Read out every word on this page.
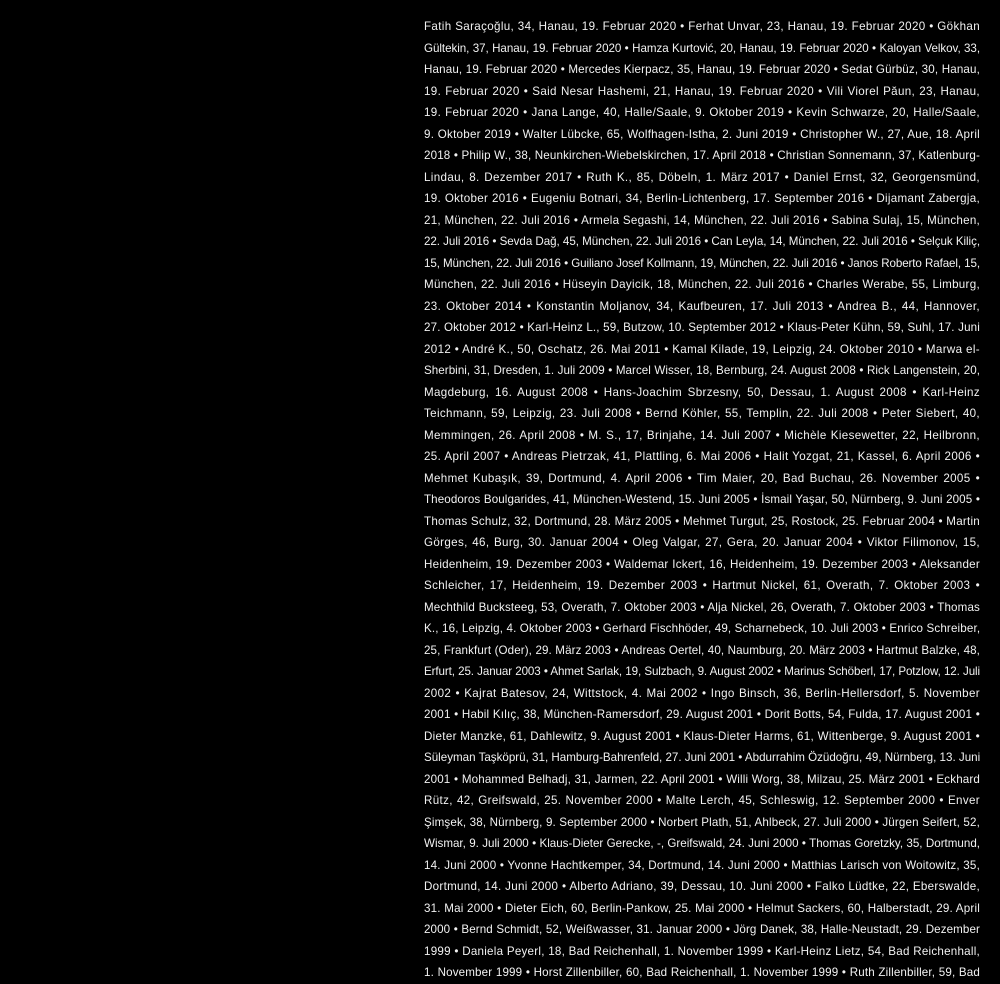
Fatih Saraçoğlu, 34, Hanau, 19. Februar 2020 • Ferhat Unvar, 23, Hanau, 19. Februar 2020 • Gökhan
Gültekin, 37, Hanau, 19. Februar 2020 • Hamza Kurtović, 20, Hanau, 19. Februar 2020 • Kaloyan Velkov, 33,
Hanau, 19. Februar 2020 • Mercedes Kierpacz, 35, Hanau, 19. Februar 2020 • Sedat Gürbüz, 30, Hanau,
19. Februar 2020 • Said Nesar Hashemi, 21, Hanau, 19. Februar 2020 • Vili Viorel Păun, 23, Hanau,
19. Februar 2020 • Jana Lange, 40, Halle/Saale, 9. Oktober 2019 • Kevin Schwarze, 20, Halle/Saale,
9. Oktober 2019 • Walter Lübcke, 65, Wolfhagen-Istha, 2. Juni 2019 • Christopher W., 27, Aue, 18. April
2018 • Philip W., 38, Neunkirchen-Wiebelskirchen, 17. April 2018 • Christian Sonnemann, 37, Katlenburg-
Lindau, 8. Dezember 2017 • Ruth K., 85, Döbeln, 1. März 2017 • Daniel Ernst, 32, Georgensmünd,
19. Oktober 2016 • Eugeniu Botnari, 34, Berlin-Lichtenberg, 17. September 2016 • Dijamant Zabergja,
21, München, 22. Juli 2016 • Armela Segashi, 14, München, 22. Juli 2016 • Sabina Sulaj, 15, München,
22. Juli 2016 • Sevda Dağ, 45, München, 22. Juli 2016 • Can Leyla, 14, München, 22. Juli 2016 • Selçuk Kiliç,
15, München, 22. Juli 2016 • Guiliano Josef Kollmann, 19, München, 22. Juli 2016 • Janos Roberto Rafael, 15,
München, 22. Juli 2016 • Hüseyin Dayicik, 18, München, 22. Juli 2016 • Charles Werabe, 55, Limburg,
23. Oktober 2014 • Konstantin Moljanov, 34, Kaufbeuren, 17. Juli 2013 • Andrea B., 44, Hannover,
27. Oktober 2012 • Karl-Heinz L., 59, Butzow, 10. September 2012 • Klaus-Peter Kühn, 59, Suhl, 17. Juni
2012 • André K., 50, Oschatz, 26. Mai 2011 • Kamal Kilade, 19, Leipzig, 24. Oktober 2010 • Marwa el-
Sherbini, 31, Dresden, 1. Juli 2009 • Marcel Wisser, 18, Bernburg, 24. August 2008 • Rick Langenstein, 20,
Magdeburg, 16. August 2008 • Hans-Joachim Sbrzesny, 50, Dessau, 1. August 2008 • Karl-Heinz
Teichmann, 59, Leipzig, 23. Juli 2008 • Bernd Köhler, 55, Templin, 22. Juli 2008 • Peter Siebert, 40,
Memmingen, 26. April 2008 • M. S., 17, Brinjahe, 14. Juli 2007 • Michèle Kiesewetter, 22, Heilbronn,
25. April 2007 • Andreas Pietrzak, 41, Plattling, 6. Mai 2006 • Halit Yozgat, 21, Kassel, 6. April 2006 •
Mehmet Kubaşık, 39, Dortmund, 4. April 2006 • Tim Maier, 20, Bad Buchau, 26. November 2005 •
Theodoros Boulgarides, 41, München-Westend, 15. Juni 2005 • İsmail Yaşar, 50, Nürnberg, 9. Juni 2005 •
Thomas Schulz, 32, Dortmund, 28. März 2005 • Mehmet Turgut, 25, Rostock, 25. Februar 2004 • Martin
Görges, 46, Burg, 30. Januar 2004 • Oleg Valgar, 27, Gera, 20. Januar 2004 • Viktor Filimonov, 15,
Heidenheim, 19. Dezember 2003 • Waldemar Ickert, 16, Heidenheim, 19. Dezember 2003 • Aleksander
Schleicher, 17, Heidenheim, 19. Dezember 2003 • Hartmut Nickel, 61, Overath, 7. Oktober 2003 •
Mechthild Bucksteeg, 53, Overath, 7. Oktober 2003 • Alja Nickel, 26, Overath, 7. Oktober 2003 • Thomas
K., 16, Leipzig, 4. Oktober 2003 • Gerhard Fischhöder, 49, Scharnebeck, 10. Juli 2003 • Enrico Schreiber,
25, Frankfurt (Oder), 29. März 2003 • Andreas Oertel, 40, Naumburg, 20. März 2003 • Hartmut Balzke, 48,
Erfurt, 25. Januar 2003 • Ahmet Sarlak, 19, Sulzbach, 9. August 2002 • Marinus Schöberl, 17, Potzlow, 12. Juli
2002 • Kajrat Batesov, 24, Wittstock, 4. Mai 2002 • Ingo Binsch, 36, Berlin-Hellersdorf, 5. November
2001 • Habil Kılıç, 38, München-Ramersdorf, 29. August 2001 • Dorit Botts, 54, Fulda, 17. August 2001 •
Dieter Manzke, 61, Dahlewitz, 9. August 2001 • Klaus-Dieter Harms, 61, Wittenberge, 9. August 2001 •
Süleyman Taşköprü, 31, Hamburg-Bahrenfeld, 27. Juni 2001 • Abdurrahim Özüdoğru, 49, Nürnberg, 13. Juni
2001 • Mohammed Belhadj, 31, Jarmen, 22. April 2001 • Willi Worg, 38, Milzau, 25. März 2001 • Eckhard
Rütz, 42, Greifswald, 25. November 2000 • Malte Lerch, 45, Schleswig, 12. September 2000 • Enver
Şimşek, 38, Nürnberg, 9. September 2000 • Norbert Plath, 51, Ahlbeck, 27. Juli 2000 • Jürgen Seifert, 52,
Wismar, 9. Juli 2000 • Klaus-Dieter Gerecke, -, Greifswald, 24. Juni 2000 • Thomas Goretzky, 35, Dortmund,
14. Juni 2000 • Yvonne Hachtkemper, 34, Dortmund, 14. Juni 2000 • Matthias Larisch von Woitowitz, 35,
Dortmund, 14. Juni 2000 • Alberto Adriano, 39, Dessau, 10. Juni 2000 • Falko Lüdtke, 22, Eberswalde,
31. Mai 2000 • Dieter Eich, 60, Berlin-Pankow, 25. Mai 2000 • Helmut Sackers, 60, Halberstadt, 29. April
2000 • Bernd Schmidt, 52, Weißwasser, 31. Januar 2000 • Jörg Danek, 38, Halle-Neustadt, 29. Dezember
1999 • Daniela Peyerl, 18, Bad Reichenhall, 1. November 1999 • Karl-Heinz Lietz, 54, Bad Reichenhall,
1. November 1999 • Horst Zillenbiller, 60, Bad Reichenhall, 1. November 1999 • Ruth Zillenbiller, 59, Bad
